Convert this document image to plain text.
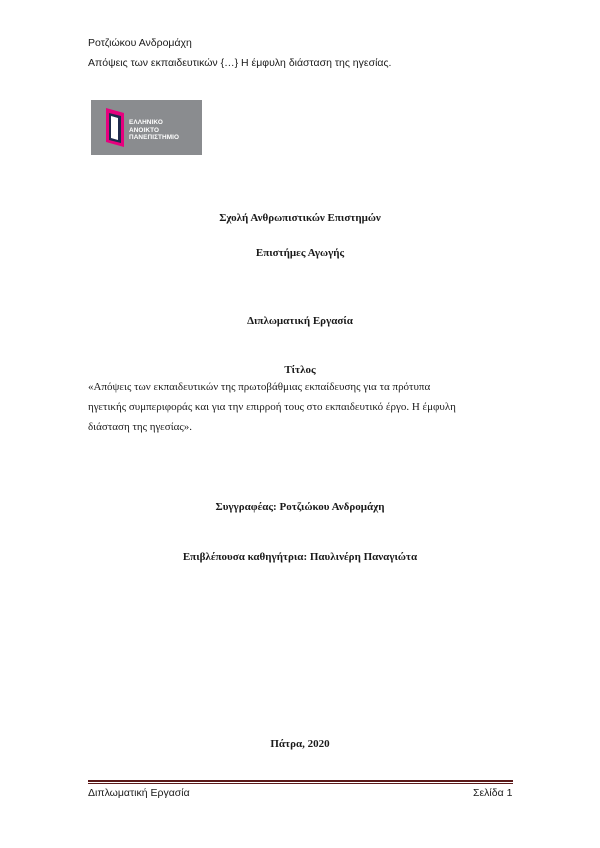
Ροτζιώκου Ανδρομάχη
Απόψεις των εκπαιδευτικών {…} Η έμφυλη διάσταση της ηγεσίας.
ΕΛΛΗΝΙΚΟ
ΑΝΟΙΚΤΟ
ΠΑΝΕΠΙΣΤΗΜΙΟ
Σχολή Ανθρωπιστικών Επιστημών
Επιστήμες Αγωγής
Διπλωματική Εργασία
Τίτλος
«Απόψεις των εκπαιδευτικών της πρωτοβάθμιας εκπαίδευσης για τα πρότυπα
ηγετικής συμπεριφοράς και για την επιρροή τους στο εκπαιδευτικό έργο. Η έμφυλη
διάσταση της ηγεσίας».
Συγγραφέας: Ροτζιώκου Ανδρομάχη
Επιβλέπουσα καθηγήτρια: Παυλινέρη Παναγιώτα
Πάτρα, 2020
Διπλωματική Εργασία	Σελίδα 1
